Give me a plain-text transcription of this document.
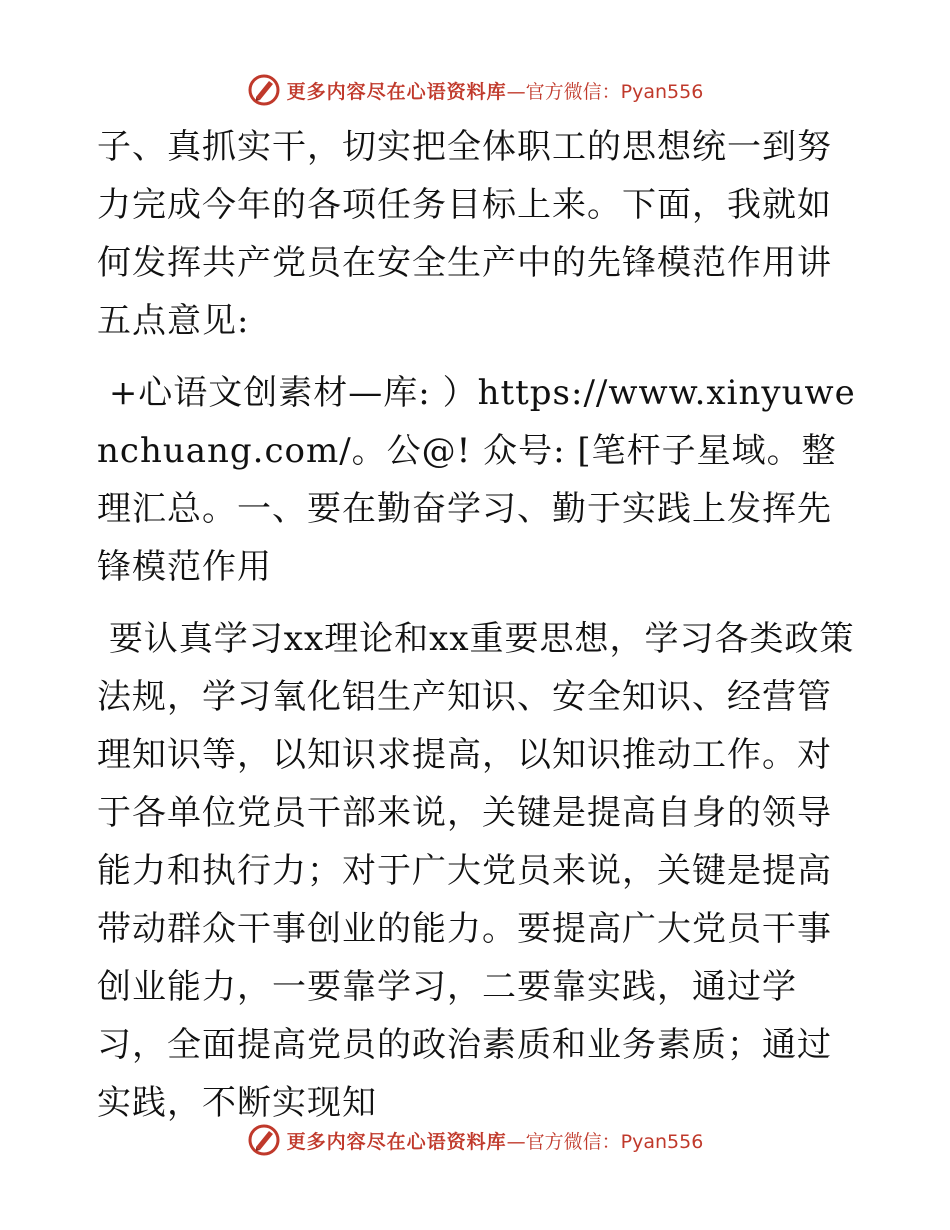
更多内容尽在心语资料库 —官方微信：Pyan556

子、真抓实干，切实把全体职工的思想统一到努力完成今年的各项任务目标上来。下面，我就如何发挥共产党员在安全生产中的先锋模范作用讲五点意见:

+心语文创素材—库: ）https://www.xinyuwenchuang.com/。公@! 众号: [笔杆子星域。整理汇总。一、要在勤奋学习、勤于实践上发挥先锋模范作用

要认真学习xx理论和xx重要思想，学习各类政策法规，学习氧化铝生产知识、安全知识、经营管理知识等，以知识求提高，以知识推动工作。对于各单位党员干部来说，关键是提高自身的领导能力和执行力；对于广大党员来说，关键是提高带动群众干事创业的能力。要提高广大党员干事创业能力，一要靠学习，二要靠实践，通过学习，全面提高党员的政治素质和业务素质；通过实践，不断实现知

更多内容尽在心语资料库 —官方微信：Pyan556
